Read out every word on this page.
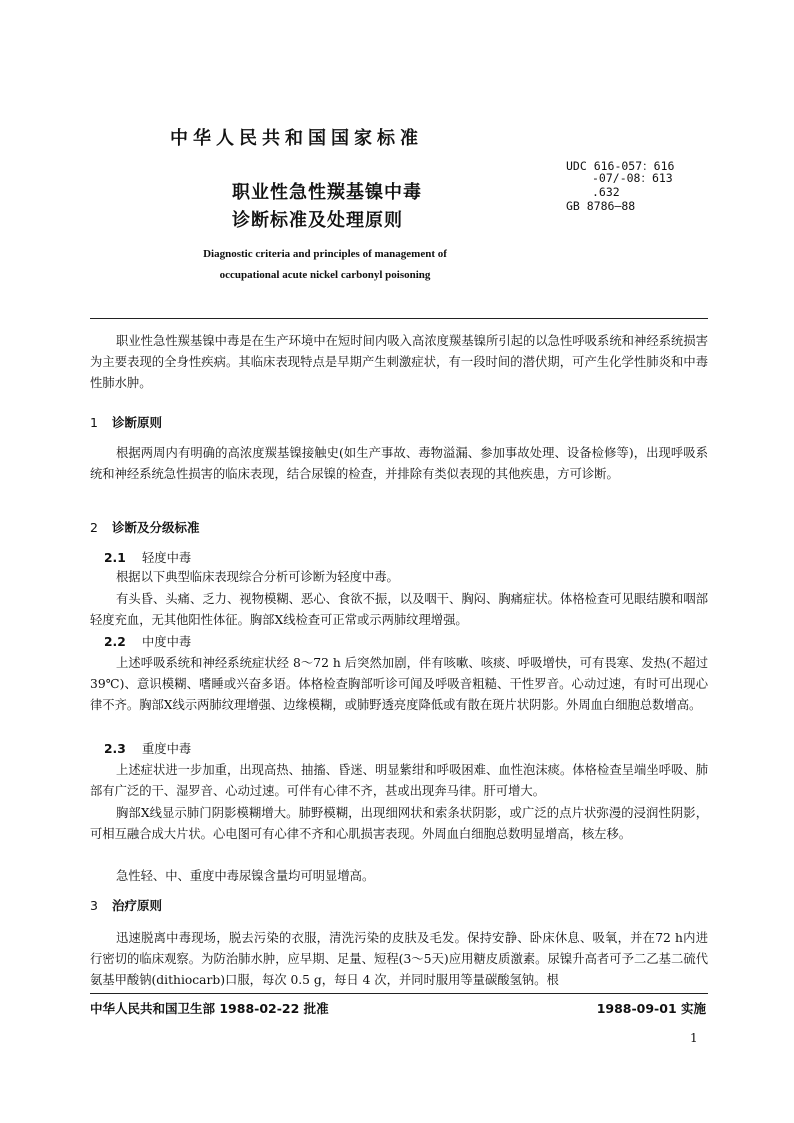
中华人民共和国国家标准
职业性急性羰基镍中毒
诊断标准及处理原则
UDC 616-057：616
-07/-08：613
.632
GB 8786—88
Diagnostic criteria and principles of management of
occupational acute nickel carbonyl poisoning
职业性急性羰基镍中毒是在生产环境中在短时间内吸入高浓度羰基镍所引起的以急性呼吸系统和神经系统损害为主要表现的全身性疾病。其临床表现特点是早期产生刺激症状，有一段时间的潜伏期，可产生化学性肺炎和中毒性肺水肿。
1 诊断原则
根据两周内有明确的高浓度羰基镍接触史(如生产事故、毒物溢漏、参加事故处理、设备检修等)，出现呼吸系统和神经系统急性损害的临床表现，结合尿镍的检查，并排除有类似表现的其他疾患，方可诊断。
2 诊断及分级标准
2.1 轻度中毒
根据以下典型临床表现综合分析可诊断为轻度中毒。
有头昏、头痛、乏力、视物模糊、恶心、食欲不振，以及咽干、胸闷、胸痛症状。体格检查可见眼结膜和咽部轻度充血，无其他阳性体征。胸部X线检查可正常或示两肺纹理增强。
2.2 中度中毒
上述呼吸系统和神经系统症状经 8～72 h 后突然加剧，伴有咳嗽、咳痰、呼吸增快，可有畏寒、发热(不超过 39℃)、意识模糊、嗜睡或兴奋多语。体格检查胸部听诊可闻及呼吸音粗糙、干性罗音。心动过速，有时可出现心律不齐。胸部X线示两肺纹理增强、边缘模糊，或肺野透亮度降低或有散在斑片状阴影。外周血白细胞总数增高。
2.3 重度中毒
上述症状进一步加重，出现高热、抽搐、昏迷、明显紫绀和呼吸困难、血性泡沫痰。体格检查呈端坐呼吸、肺部有广泛的干、湿罗音、心动过速。可伴有心律不齐，甚或出现奔马律。肝可增大。
胸部X线显示肺门阴影模糊增大。肺野模糊，出现细网状和索条状阴影，或广泛的点片状弥漫的浸润性阴影，可相互融合成大片状。心电图可有心律不齐和心肌损害表现。外周血白细胞总数明显增高，核左移。
急性轻、中、重度中毒尿镍含量均可明显增高。
3 治疗原则
迅速脱离中毒现场，脱去污染的衣服，清洗污染的皮肤及毛发。保持安静、卧床休息、吸氧，并在72 h内进行密切的临床观察。为防治肺水肿，应早期、足量、短程(3～5天)应用糖皮质激素。尿镍升高者可予二乙基二硫代氨基甲酸钠(dithiocarb)口服，每次 0.5 g，每日 4 次，并同时服用等量碳酸氢钠。根
中华人民共和国卫生部 1988-02-22 批准	1988-09-01 实施
1
